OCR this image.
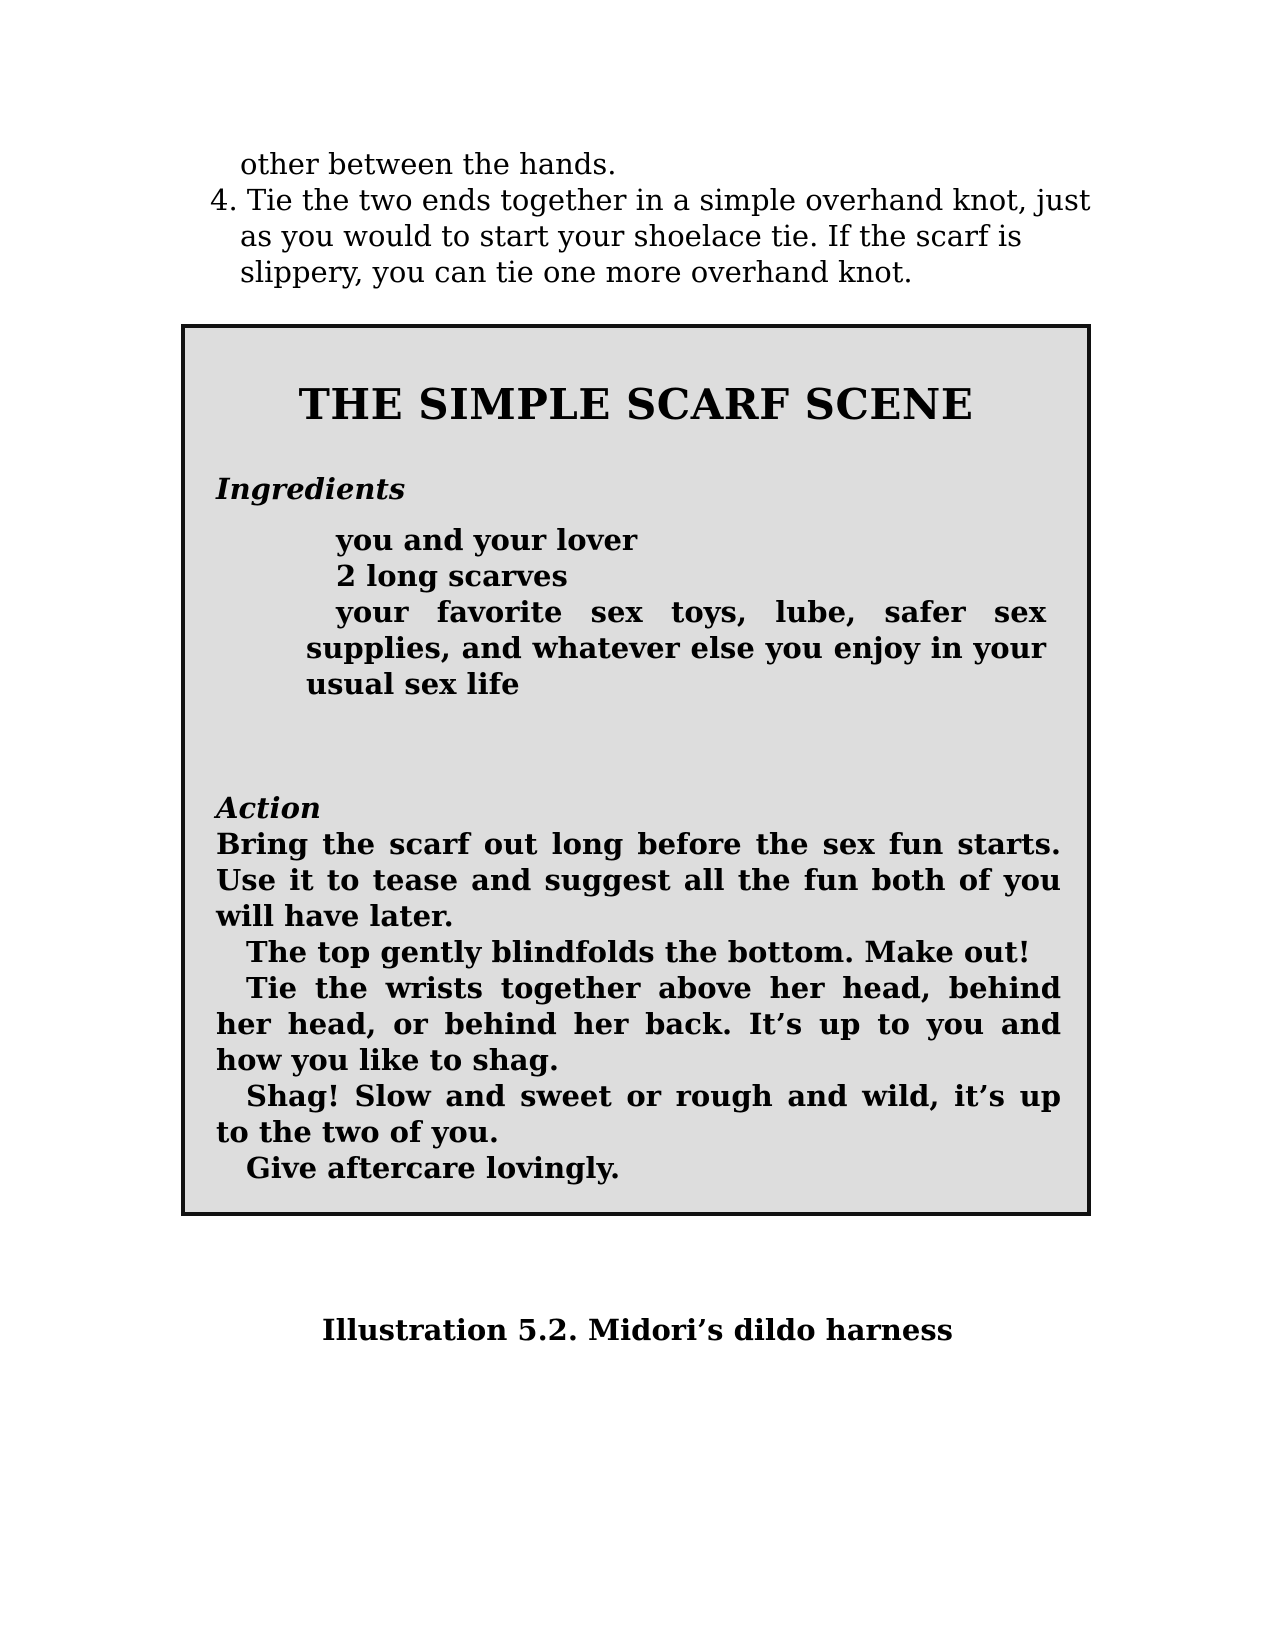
other between the hands.
4. Tie the two ends together in a simple overhand knot, just
as you would to start your shoelace tie. If the scarf is
slippery, you can tie one more overhand knot.
THE SIMPLE SCARF SCENE
Ingredients
you and your lover
2 long scarves
your favorite sex toys, lube, safer sex supplies, and whatever else you enjoy in your usual sex life
Action

Bring the scarf out long before the sex fun starts. Use it to tease and suggest all the fun both of you will have later.

The top gently blindfolds the bottom. Make out!

Tie the wrists together above her head, behind her head, or behind her back. It’s up to you and how you like to shag.

Shag! Slow and sweet or rough and wild, it’s up to the two of you.

Give aftercare lovingly.

Illustration 5.2. Midori’s dildo harness
